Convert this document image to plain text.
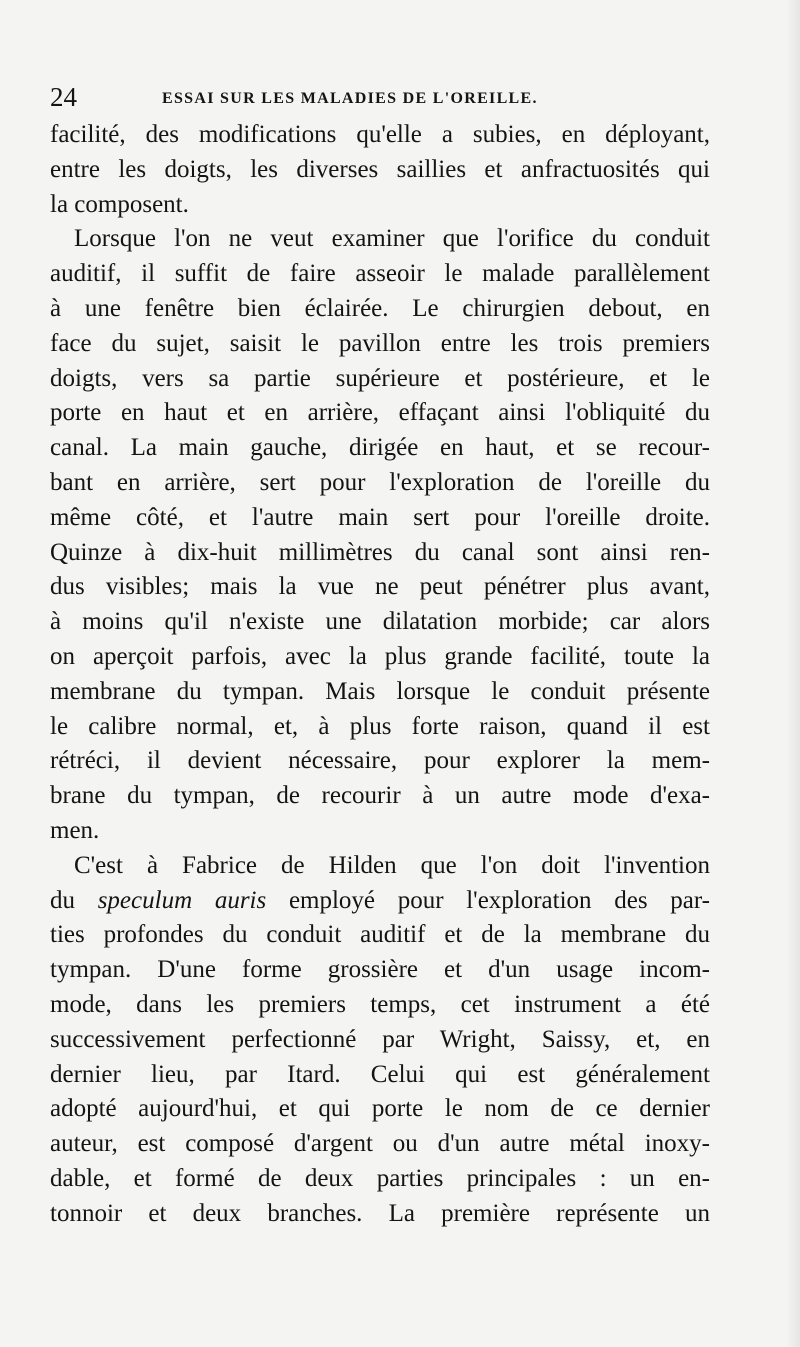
24	ESSAI SUR LES MALADIES DE L'OREILLE.
facilité, des modifications qu'elle a subies, en déployant,
entre les doigts, les diverses saillies et anfractuosités qui
la composent.
Lorsque l'on ne veut examiner que l'orifice du conduit
auditif, il suffit de faire asseoir le malade parallèlement
à une fenêtre bien éclairée. Le chirurgien debout, en
face du sujet, saisit le pavillon entre les trois premiers
doigts, vers sa partie supérieure et postérieure, et le
porte en haut et en arrière, effaçant ainsi l'obliquité du
canal. La main gauche, dirigée en haut, et se recour-
bant en arrière, sert pour l'exploration de l'oreille du
même côté, et l'autre main sert pour l'oreille droite.
Quinze à dix-huit millimètres du canal sont ainsi ren-
dus visibles; mais la vue ne peut pénétrer plus avant,
à moins qu'il n'existe une dilatation morbide; car alors
on aperçoit parfois, avec la plus grande facilité, toute la
membrane du tympan. Mais lorsque le conduit présente
le calibre normal, et, à plus forte raison, quand il est
rétréci, il devient nécessaire, pour explorer la mem-
brane du tympan, de recourir à un autre mode d'exa-
men.
C'est à Fabrice de Hilden que l'on doit l'invention
du speculum auris employé pour l'exploration des par-
ties profondes du conduit auditif et de la membrane du
tympan. D'une forme grossière et d'un usage incom-
mode, dans les premiers temps, cet instrument a été
successivement perfectionné par Wright, Saissy, et, en
dernier lieu, par Itard. Celui qui est généralement
adopté aujourd'hui, et qui porte le nom de ce dernier
auteur, est composé d'argent ou d'un autre métal inoxy-
dable, et formé de deux parties principales : un en-
tonnoir et deux branches. La première représente un
